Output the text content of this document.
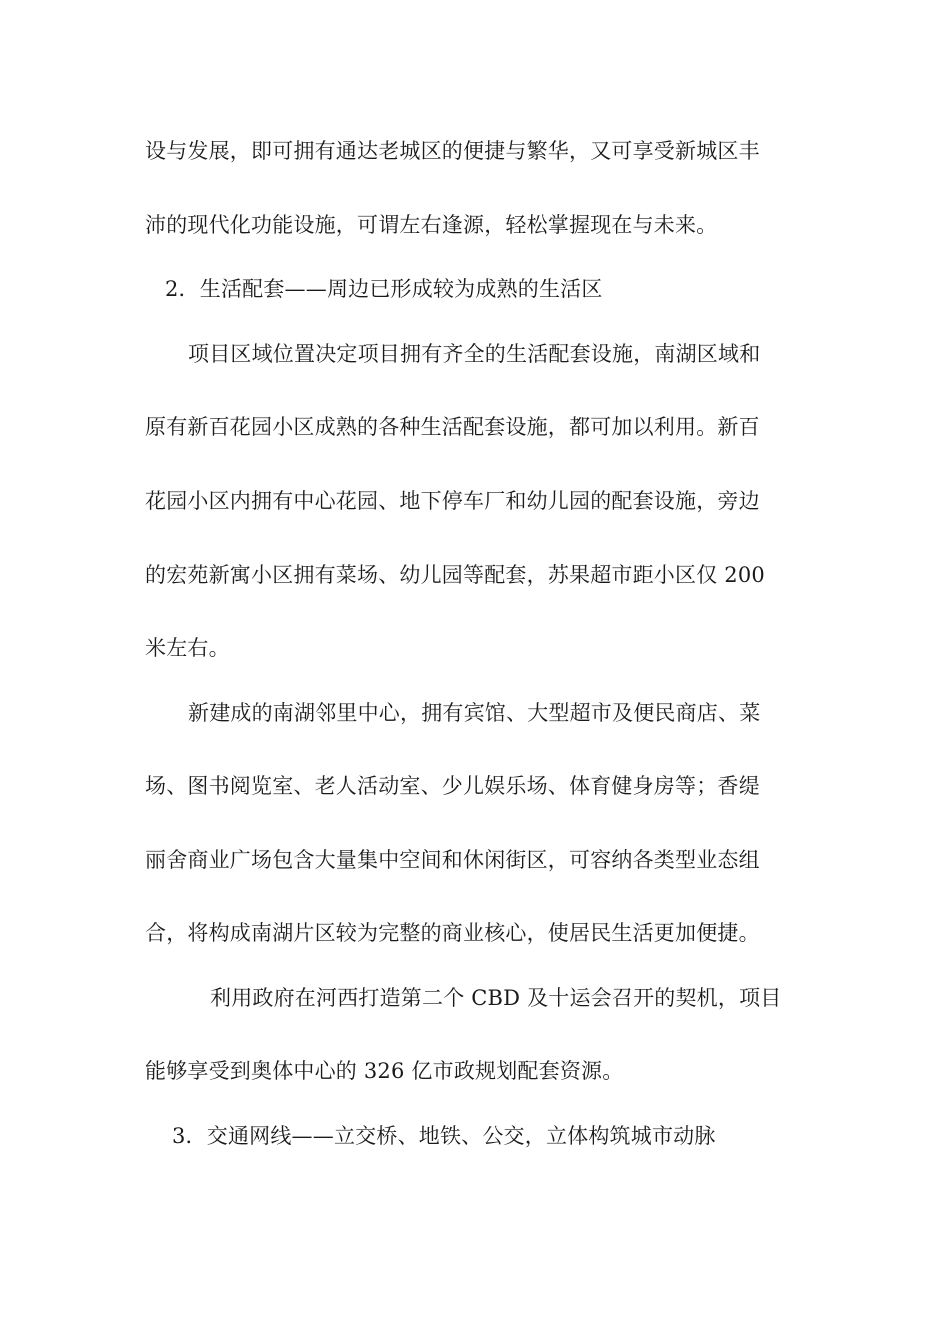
设与发展，即可拥有通达老城区的便捷与繁华，又可享受新城区丰
沛的现代化功能设施，可谓左右逢源，轻松掌握现在与未来。
2．生活配套——周边已形成较为成熟的生活区
项目区域位置决定项目拥有齐全的生活配套设施，南湖区域和
原有新百花园小区成熟的各种生活配套设施，都可加以利用。新百
花园小区内拥有中心花园、地下停车厂和幼儿园的配套设施，旁边
的宏苑新寓小区拥有菜场、幼儿园等配套，苏果超市距小区仅 200
米左右。
新建成的南湖邻里中心，拥有宾馆、大型超市及便民商店、菜
场、图书阅览室、老人活动室、少儿娱乐场、体育健身房等；香缇
丽舍商业广场包含大量集中空间和休闲街区，可容纳各类型业态组
合，将构成南湖片区较为完整的商业核心，使居民生活更加便捷。
利用政府在河西打造第二个 CBD 及十运会召开的契机，项目
能够享受到奥体中心的 326 亿市政规划配套资源。
3．交通网线——立交桥、地铁、公交，立体构筑城市动脉
